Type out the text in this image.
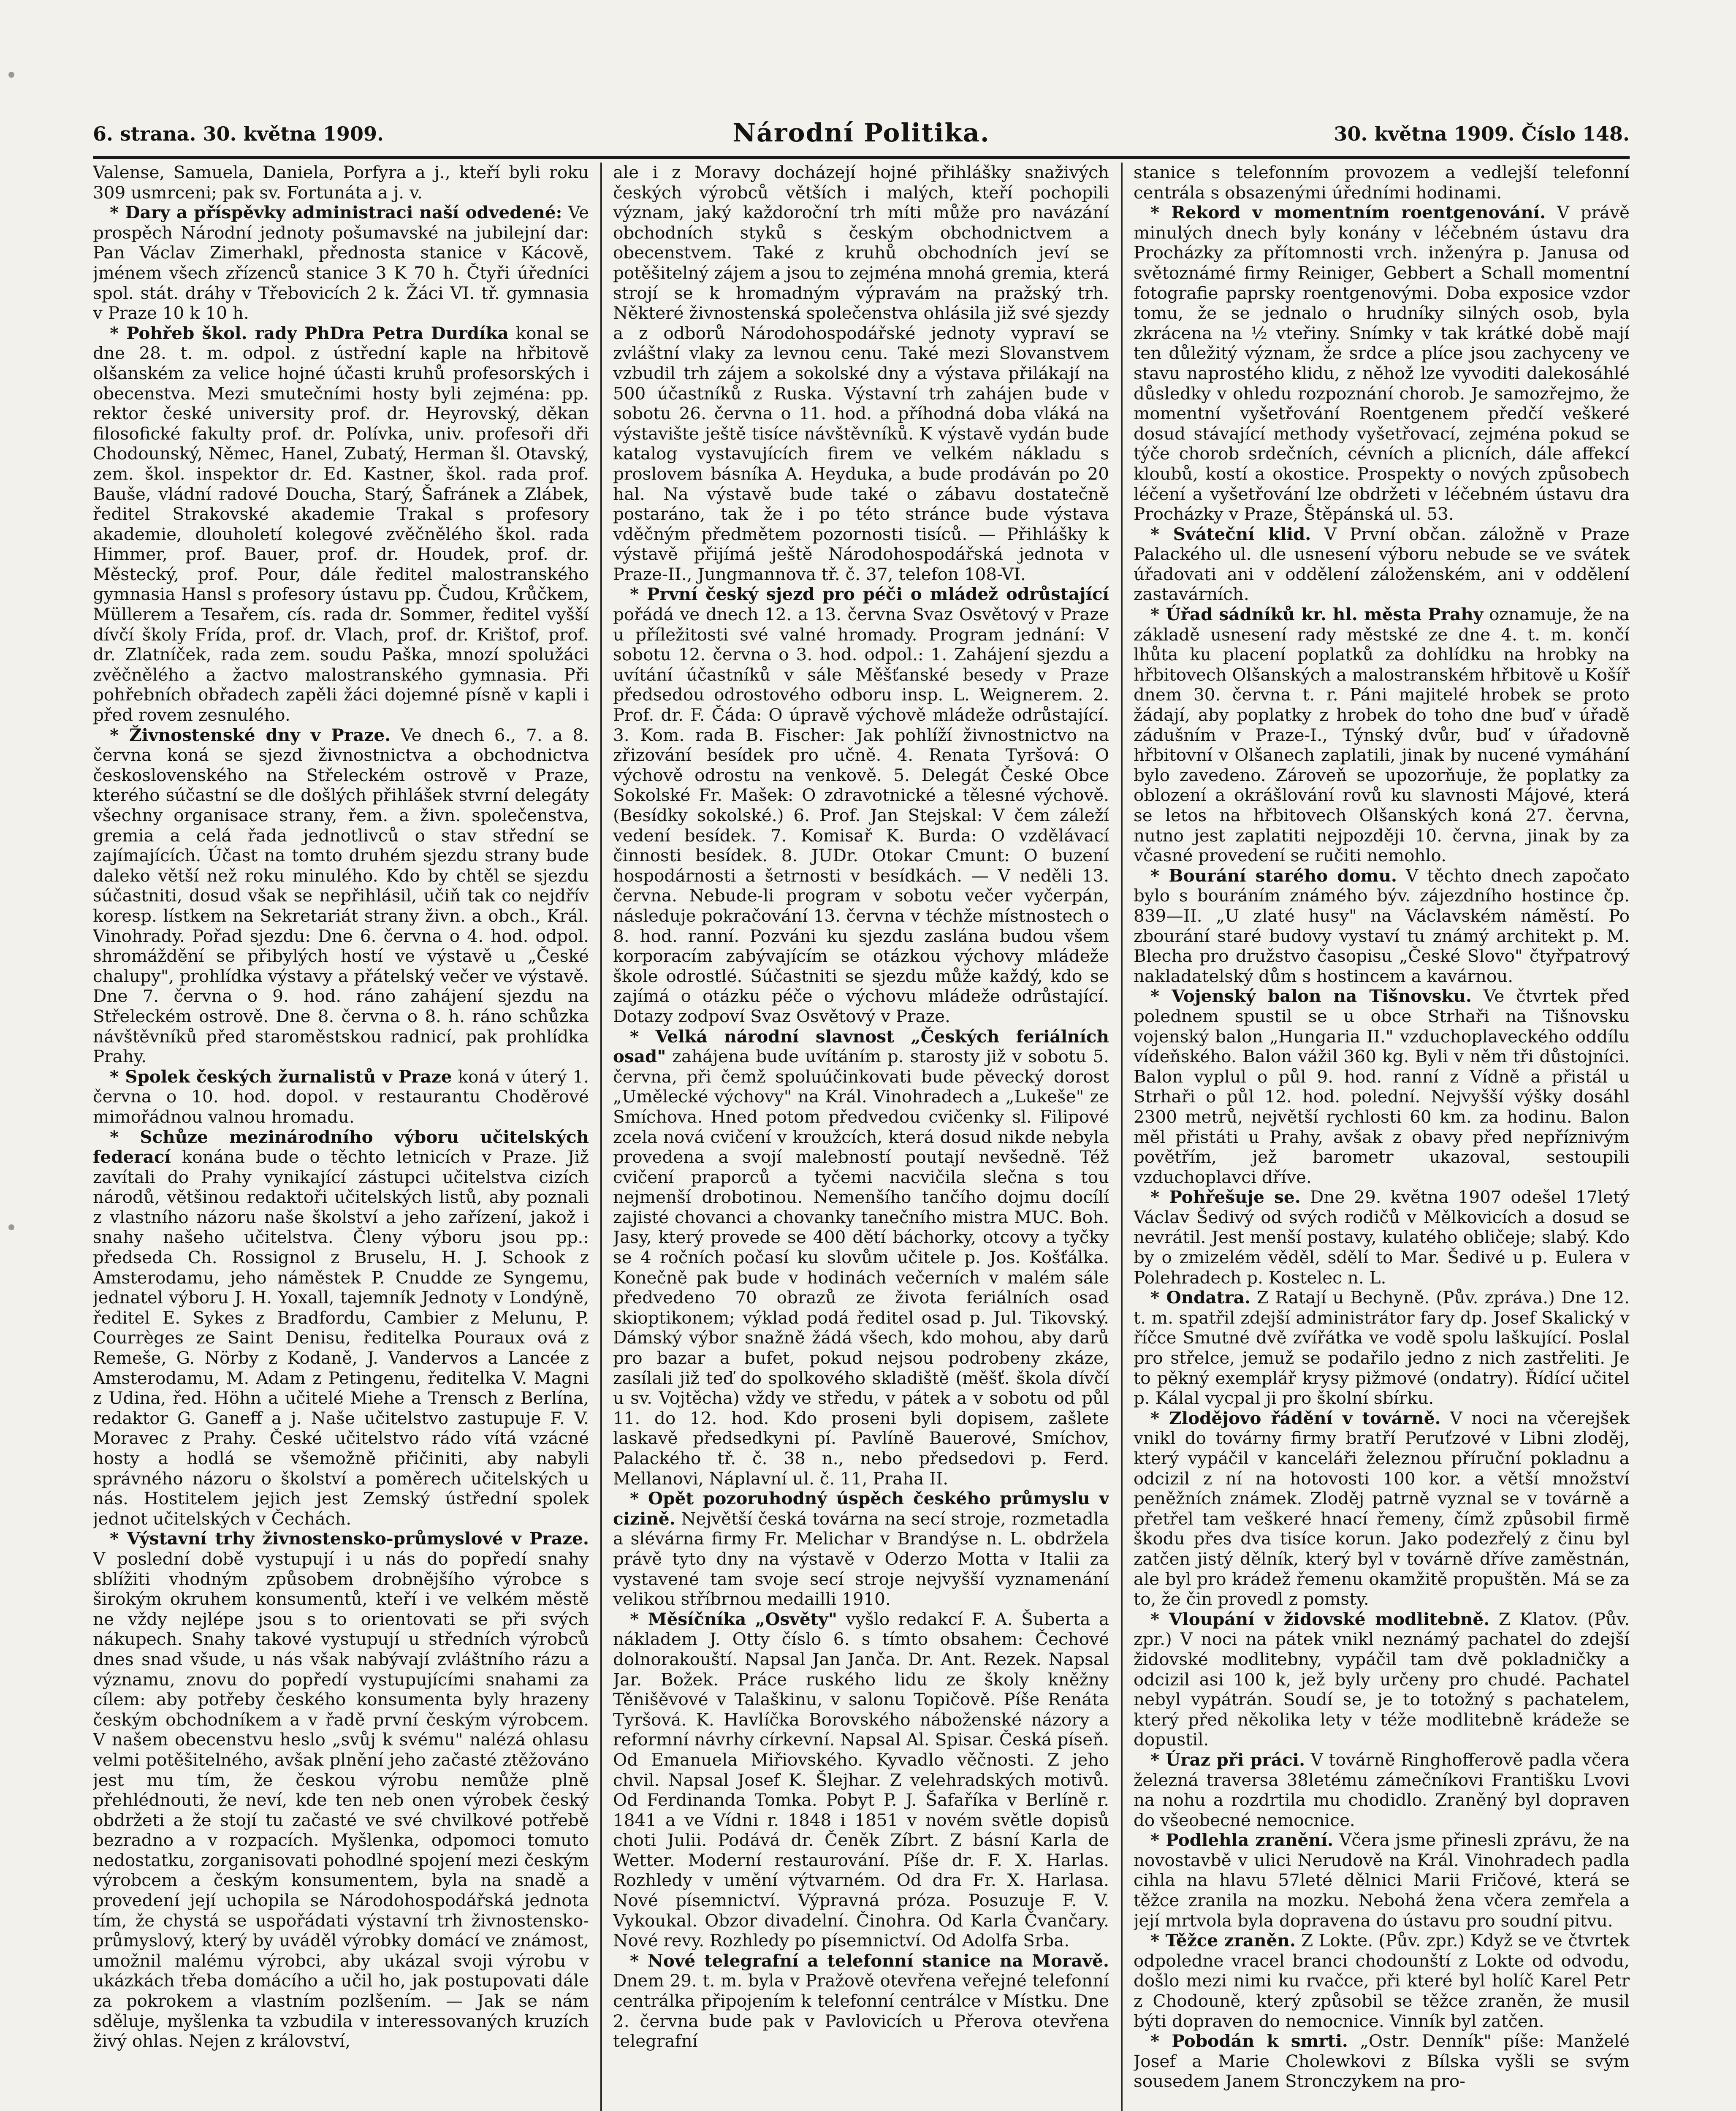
6. strana. 30. května 1909.	Národní Politika.	30. května 1909. Číslo 148.

Valense, Samuela, Daniela, Porfyra a j., kteří byli roku 309 usmrceni; pak sv. Fortunáta a j. v.

* Dary a příspěvky administraci naší odvedené: Ve prospěch Národní jednoty pošumavské na jubilejní dar: Pan Václav Zimerhakl, přednosta stanice v Kácově, jménem všech zřízenců stanice 3 K 70 h. Čtyři úředníci spol. stát. dráhy v Třebovicích 2 k. Žáci VI. tř. gymnasia v Praze 10 k 10 h.

* Pohřeb škol. rady PhDra Petra Durdíka konal se dne 28. t. m. odpol. z ústřední kaple na hřbitově olšanském za velice hojné účasti kruhů profesorských i obecenstva. Mezi smutečními hosty byli zejména: pp. rektor české university prof. dr. Heyrovský, děkan filosofické fakulty prof. dr. Polívka, univ. profesoři dři Chodounský, Němec, Hanel, Zubatý, Herman šl. Otavský, zem. škol. inspektor dr. Ed. Kastner, škol. rada prof. Bauše, vládní radové Doucha, Starý, Šafránek a Zlábek, ředitel Strakovské akademie Trakal s profesory akademie, dlouholetí kolegové zvěčnělého škol. rada Himmer, prof. Bauer, prof. dr. Houdek, prof. dr. Městecký, prof. Pour, dále ředitel malostranského gymnasia Hansl s profesory ústavu pp. Čudou, Krůčkem, Müllerem a Tesařem, cís. rada dr. Sommer, ředitel vyšší dívčí školy Frída, prof. dr. Vlach, prof. dr. Krištof, prof. dr. Zlatníček, rada zem. soudu Paška, mnozí spolužáci zvěčnělého a žactvo malostranského gymnasia. Při pohřebních obřadech zapěli žáci dojemné písně v kapli i před rovem zesnulého.

* Živnostenské dny v Praze. Ve dnech 6., 7. a 8. června koná se sjezd živnostnictva a obchodnictva československého na Střeleckém ostrově v Praze, kterého súčastní se dle došlých přihlášek stvrní delegáty všechny organisace strany, řem. a živn. společenstva, gremia a celá řada jednotlivců o stav střední se zajímajících. Účast na tomto druhém sjezdu strany bude daleko větší než roku minulého. Kdo by chtěl se sjezdu súčastniti, dosud však se nepřihlásil, učiň tak co nejdřív koresp. lístkem na Sekretariát strany živn. a obch., Král. Vinohrady. Pořad sjezdu: Dne 6. června o 4. hod. odpol. shromáždění se přibylých hostí ve výstavě u „České chalupy", prohlídka výstavy a přátelský večer ve výstavě. Dne 7. června o 9. hod. ráno zahájení sjezdu na Střeleckém ostrově. Dne 8. června o 8. h. ráno schůzka návštěvníků před staroměstskou radnicí, pak prohlídka Prahy.

* Spolek českých žurnalistů v Praze koná v úterý 1. června o 10. hod. dopol. v restaurantu Choděrové mimořádnou valnou hromadu.

* Schůze mezinárodního výboru učitelských federací konána bude o těchto letnicích v Praze. Již zavítali do Prahy vynikající zástupci učitelstva cizích národů, většinou redaktoři učitelských listů, aby poznali z vlastního názoru naše školství a jeho zařízení, jakož i snahy našeho učitelstva. Členy výboru jsou pp.: předseda Ch. Rossignol z Bruselu, H. J. Schook z Amsterodamu, jeho náměstek P. Cnudde ze Syngemu, jednatel výboru J. H. Yoxall, tajemník Jednoty v Londýně, ředitel E. Sykes z Bradfordu, Cambier z Melunu, P. Courrèges ze Saint Denisu, ředitelka Pouraux ová z Remeše, G. Nörby z Kodaně, J. Vandervos a Lancée z Amsterodamu, M. Adam z Petingenu, ředitelka V. Magni z Udina, řed. Höhn a učitelé Miehe a Trensch z Berlína, redaktor G. Ganeff a j. Naše učitelstvo zastupuje F. V. Moravec z Prahy. České učitelstvo rádo vítá vzácné hosty a hodlá se všemožně přičiniti, aby nabyli správného názoru o školství a poměrech učitelských u nás. Hostitelem jejich jest Zemský ústřední spolek jednot učitelských v Čechách.

* Výstavní trhy živnostensko-průmyslové v Praze. V poslední době vystupují i u nás do popředí snahy sblížiti vhodným způsobem drobnějšího výrobce s širokým okruhem konsumentů, kteří i ve velkém městě ne vždy nejlépe jsou s to orientovati se při svých nákupech. Snahy takové vystupují u středních výrobců dnes snad všude, u nás však nabývají zvláštního rázu a významu, znovu do popředí vystupujícími snahami za cílem: aby potřeby českého konsumenta byly hrazeny českým obchodníkem a v řadě první českým výrobcem. V našem obecenstvu heslo „svůj k svému" nalézá ohlasu velmi potěšitelného, avšak plnění jeho začasté ztěžováno jest mu tím, že českou výrobu nemůže plně přehlédnouti, že neví, kde ten neb onen výrobek český obdržeti a že stojí tu začasté ve své chvilkové potřebě bezradno a v rozpacích. Myšlenka, odpomoci tomuto nedostatku, zorganisovati pohodlné spojení mezi českým výrobcem a českým konsumentem, byla na snadě a provedení její uchopila se Národohospodářská jednota tím, že chystá se uspořádati výstavní trh živnostensko-průmyslový, který by uváděl výrobky domácí ve známost, umožnil malému výrobci, aby ukázal svoji výrobu v ukázkách třeba domácího a učil ho, jak postupovati dále za pokrokem a vlastním pozlšením. — Jak se nám sděluje, myšlenka ta vzbudila v interessovaných kruzích živý ohlas. Nejen z království,

ale i z Moravy docházejí hojné přihlášky snaživých českých výrobců větších i malých, kteří pochopili význam, jaký každoroční trh míti může pro navázání obchodních styků s českým obchodnictvem a obecenstvem. Také z kruhů obchodních jeví se potěšitelný zájem a jsou to zejména mnohá gremia, která strojí se k hromadným výpravám na pražský trh. Některé živnostenská společenstva ohlásila již své sjezdy a z odborů Národohospodářské jednoty vypraví se zvláštní vlaky za levnou cenu. Také mezi Slovanstvem vzbudil trh zájem a sokolské dny a výstava přilákají na 500 účastníků z Ruska. Výstavní trh zahájen bude v sobotu 26. června o 11. hod. a příhodná doba vláká na výstavište ještě tisíce návštěvníků. K výstavě vydán bude katalog vystavujících firem ve velkém nákladu s proslovem básníka A. Heyduka, a bude prodáván po 20 hal. Na výstavě bude také o zábavu dostatečně postaráno, tak že i po této stránce bude výstava vděčným předmětem pozornosti tisíců. — Přihlášky k výstavě přijímá ještě Národohospodářská jednota v Praze-II., Jungmannova tř. č. 37, telefon 108-VI.

* První český sjezd pro péči o mládež odrůstající pořádá ve dnech 12. a 13. června Svaz Osvětový v Praze u příležitosti své valné hromady. Program jednání: V sobotu 12. června o 3. hod. odpol.: 1. Zahájení sjezdu a uvítání účastníků v sále Měšťanské besedy v Praze předsedou odrostového odboru insp. L. Weignerem. 2. Prof. dr. F. Čáda: O úpravě výchově mládeže odrůstající. 3. Kom. rada B. Fischer: Jak pohlíží živnostnictvo na zřizování besídek pro učně. 4. Renata Tyršová: O výchově odrostu na venkově. 5. Delegát České Obce Sokolské Fr. Mašek: O zdravotnické a tělesné výchově. (Besídky sokolské.) 6. Prof. Jan Stejskal: V čem záleží vedení besídek. 7. Komisař K. Burda: O vzdělávací činnosti besídek. 8. JUDr. Otokar Cmunt: O buzení hospodárnosti a šetrnosti v besídkách. — V neděli 13. června. Nebude-li program v sobotu večer vyčerpán, následuje pokračování 13. června v téchže místnostech o 8. hod. ranní. Pozváni ku sjezdu zaslána budou všem korporacím zabývajícím se otázkou výchovy mládeže škole odrostlé. Súčastniti se sjezdu může každý, kdo se zajímá o otázku péče o výchovu mládeže odrůstající. Dotazy zodpoví Svaz Osvětový v Praze.

* Velká národní slavnost „Českých feriálních osad" zahájena bude uvítáním p. starosty již v sobotu 5. června, při čemž spoluúčinkovati bude pěvecký dorost „Umělecké výchovy" na Král. Vinohradech a „Lukeše" ze Smíchova. Hned potom předvedou cvičenky sl. Filipové zcela nová cvičení v kroužcích, která dosud nikde nebyla provedena a svojí malebností poutají nevšedně. Též cvičení praporců a tyčemi nacvičila slečna s tou nejmenší drobotinou. Nemenšího tančího dojmu docílí zajisté chovanci a chovanky tanečního mistra MUC. Boh. Jasy, který provede se 400 dětí báchorky, otcovy a tyčky se 4 ročních počasí ku slovům učitele p. Jos. Košťálka. Konečně pak bude v hodinách večerních v malém sále předvedeno 70 obrazů ze života feriálních osad skioptikonem; výklad podá ředitel osad p. Jul. Tikovský. Dámský výbor snažně žádá všech, kdo mohou, aby darů pro bazar a bufet, pokud nejsou podrobeny zkáze, zasílali již teď do spolkového skladiště (měšť. škola dívčí u sv. Vojtěcha) vždy ve středu, v pátek a v sobotu od půl 11. do 12. hod. Kdo proseni byli dopisem, zašlete laskavě předsedkyni pí. Pavlíně Bauerové, Smíchov, Palackého tř. č. 38 n., nebo předsedovi p. Ferd. Mellanovi, Náplavní ul. č. 11, Praha II.

* Opět pozoruhodný úspěch českého průmyslu v cizině. Největší česká továrna na secí stroje, rozmetadla a slévárna firmy Fr. Melichar v Brandýse n. L. obdržela právě tyto dny na výstavě v Oderzo Motta v Italii za vystavené tam svoje secí stroje nejvyšší vyznamenání velikou stříbrnou medailli 1910.

* Měsíčníka „Osvěty" vyšlo redakcí F. A. Šuberta a nákladem J. Otty číslo 6. s tímto obsahem: Čechové dolnorakouští. Napsal Jan Janča. Dr. Ant. Rezek. Napsal Jar. Božek. Práce ruského lidu ze školy kněžny Těnišěvové v Talaškinu, v salonu Topičově. Píše Renáta Tyršová. K. Havlíčka Borovského náboženské názory a reformní návrhy církevní. Napsal Al. Spisar. Česká píseň. Od Emanuela Miřiovského. Kyvadlo věčnosti. Z jeho chvil. Napsal Josef K. Šlejhar. Z velehradských motivů. Od Ferdinanda Tomka. Pobyt P. J. Šafaříka v Berlíně r. 1841 a ve Vídni r. 1848 i 1851 v novém světle dopisů choti Julii. Podává dr. Čeněk Zíbrt. Z básní Karla de Wetter. Moderní restaurování. Píše dr. F. X. Harlas. Rozhledy v umění výtvarném. Od dra Fr. X. Harlasa. Nové písemnictví. Výpravná próza. Posuzuje F. V. Vykoukal. Obzor divadelní. Činohra. Od Karla Čvančary. Nové revy. Rozhledy po písemnictví. Od Adolfa Srba.

* Nové telegrafní a telefonní stanice na Moravě. Dnem 29. t. m. byla v Pražově otevřena veřejné telefonní centrálka připojením k telefonní centrálce v Místku. Dne 2. června bude pak v Pavlovicích u Přerova otevřena telegrafní

stanice s telefonním provozem a vedlejší telefonní centrála s obsazenými úředními hodinami.

* Rekord v momentním roentgenování. V právě minulých dnech byly konány v léčebném ústavu dra Procházky za přítomnosti vrch. inženýra p. Janusa od světoznámé firmy Reiniger, Gebbert a Schall momentní fotografie paprsky roentgenovými. Doba exposice vzdor tomu, že se jednalo o hrudníky silných osob, byla zkrácena na ½ vteřiny. Snímky v tak krátké době mají ten důležitý význam, že srdce a plíce jsou zachyceny ve stavu naprostého klidu, z něhož lze vyvoditi dalekosáhlé důsledky v ohledu rozpoznání chorob. Je samozřejmo, že momentní vyšetřování Roentgenem předčí veškeré dosud stávající methody vyšetřovací, zejména pokud se týče chorob srdečních, cévních a plicních, dále affekcí kloubů, kostí a okostice. Prospekty o nových způsobech léčení a vyšetřování lze obdržeti v léčebném ústavu dra Procházky v Praze, Štěpánská ul. 53.

* Sváteční klid. V První občan. záložně v Praze Palackého ul. dle usnesení výboru nebude se ve svátek úřadovati ani v oddělení záloženském, ani v oddělení zastavárních.

* Úřad sádníků kr. hl. města Prahy oznamuje, že na základě usnesení rady městské ze dne 4. t. m. končí lhůta ku placení poplatků za dohlídku na hrobky na hřbitovech Olšanských a malostranském hřbitově u Košíř dnem 30. června t. r. Páni majitelé hrobek se proto žádají, aby poplatky z hrobek do toho dne buď v úřadě zádušním v Praze-I., Týnský dvůr, buď v úřadovně hřbitovní v Olšanech zaplatili, jinak by nucené vymáhání bylo zavedeno. Zároveň se upozorňuje, že poplatky za oblození a okrášlování rovů ku slavnosti Májové, která se letos na hřbitovech Olšanských koná 27. června, nutno jest zaplatiti nejpozději 10. června, jinak by za včasné provedení se ručiti nemohlo.

* Bourání starého domu. V těchto dnech započato bylo s bouráním známého býv. zájezdního hostince čp. 839—II. „U zlaté husy" na Václavském náměstí. Po zbourání staré budovy vystaví tu známý architekt p. M. Blecha pro družstvo časopisu „České Slovo" čtyřpatrový nakladatelský dům s hostincem a kavárnou.

* Vojenský balon na Tišnovsku. Ve čtvrtek před polednem spustil se u obce Strhaři na Tišnovsku vojenský balon „Hungaria II." vzduchoplaveckého oddílu vídeňského. Balon vážil 360 kg. Byli v něm tři důstojníci. Balon vyplul o půl 9. hod. ranní z Vídně a přistál u Strhaři o půl 12. hod. polední. Nejvyšší výšky dosáhl 2300 metrů, největší rychlosti 60 km. za hodinu. Balon měl přistáti u Prahy, avšak z obavy před nepříznivým povětřím, jež barometr ukazoval, sestoupili vzduchoplavci dříve.

* Pohřešuje se. Dne 29. května 1907 odešel 17letý Václav Šedivý od svých rodičů v Mělkovicích a dosud se nevrátil. Jest menší postavy, kulatého obličeje; slabý. Kdo by o zmizelém věděl, sdělí to Mar. Šedivé u p. Eulera v Polehradech p. Kostelec n. L.

* Ondatra. Z Ratají u Bechyně. (Pův. zpráva.) Dne 12. t. m. spatřil zdejší administrátor fary dp. Josef Skalický v říčce Smutné dvě zvířátka ve vodě spolu laškující. Poslal pro střelce, jemuž se podařilo jedno z nich zastřeliti. Je to pěkný exemplář krysy pižmové (ondatry). Řídící učitel p. Kálal vycpal ji pro školní sbírku.

* Zlodějovo řádění v továrně. V noci na včerejšek vnikl do továrny firmy bratří Peruťzové v Libni zloděj, který vypáčil v kanceláři železnou příruční pokladnu a odcizil z ní na hotovosti 100 kor. a větší množství peněžních známek. Zloděj patrně vyznal se v továrně a přetřel tam veškeré hnací řemeny, čímž způsobil firmě škodu přes dva tisíce korun. Jako podezřelý z činu byl zatčen jistý dělník, který byl v továrně dříve zaměstnán, ale byl pro krádež řemenu okamžitě propuštěn. Má se za to, že čin provedl z pomsty.

* Vloupání v židovské modlitebně. Z Klatov. (Pův. zpr.) V noci na pátek vnikl neznámý pachatel do zdejší židovské modlitebny, vypáčil tam dvě pokladničky a odcizil asi 100 k, jež byly určeny pro chudé. Pachatel nebyl vypátrán. Soudí se, je to totožný s pachatelem, který před několika lety v téže modlitebně krádeže se dopustil.

* Úraz při práci. V továrně Ringhofferově padla včera železná traversa 38letému zámečníkovi Františku Lvovi na nohu a rozdrtila mu chodidlo. Zraněný byl dopraven do všeobecné nemocnice.

* Podlehla zranění. Včera jsme přinesli zprávu, že na novostavbě v ulici Nerudově na Král. Vinohradech padla cihla na hlavu 57leté dělnici Marii Fričové, která se těžce zranila na mozku. Nebohá žena včera zemřela a její mrtvola byla dopravena do ústavu pro soudní pitvu.

* Těžce zraněn. Z Lokte. (Pův. zpr.) Když se ve čtvrtek odpoledne vracel branci chodounští z Lokte od odvodu, došlo mezi nimi ku rvačce, při které byl holíč Karel Petr z Chodouně, který způsobil se těžce zraněn, že musil býti dopraven do nemocnice. Vinník byl zatčen.

* Pobodán k smrti. „Ostr. Denník" píše: Manželé Josef a Marie Cholewkovi z Bílska vyšli se svým sousedem Janem Stronczykem na pro-
